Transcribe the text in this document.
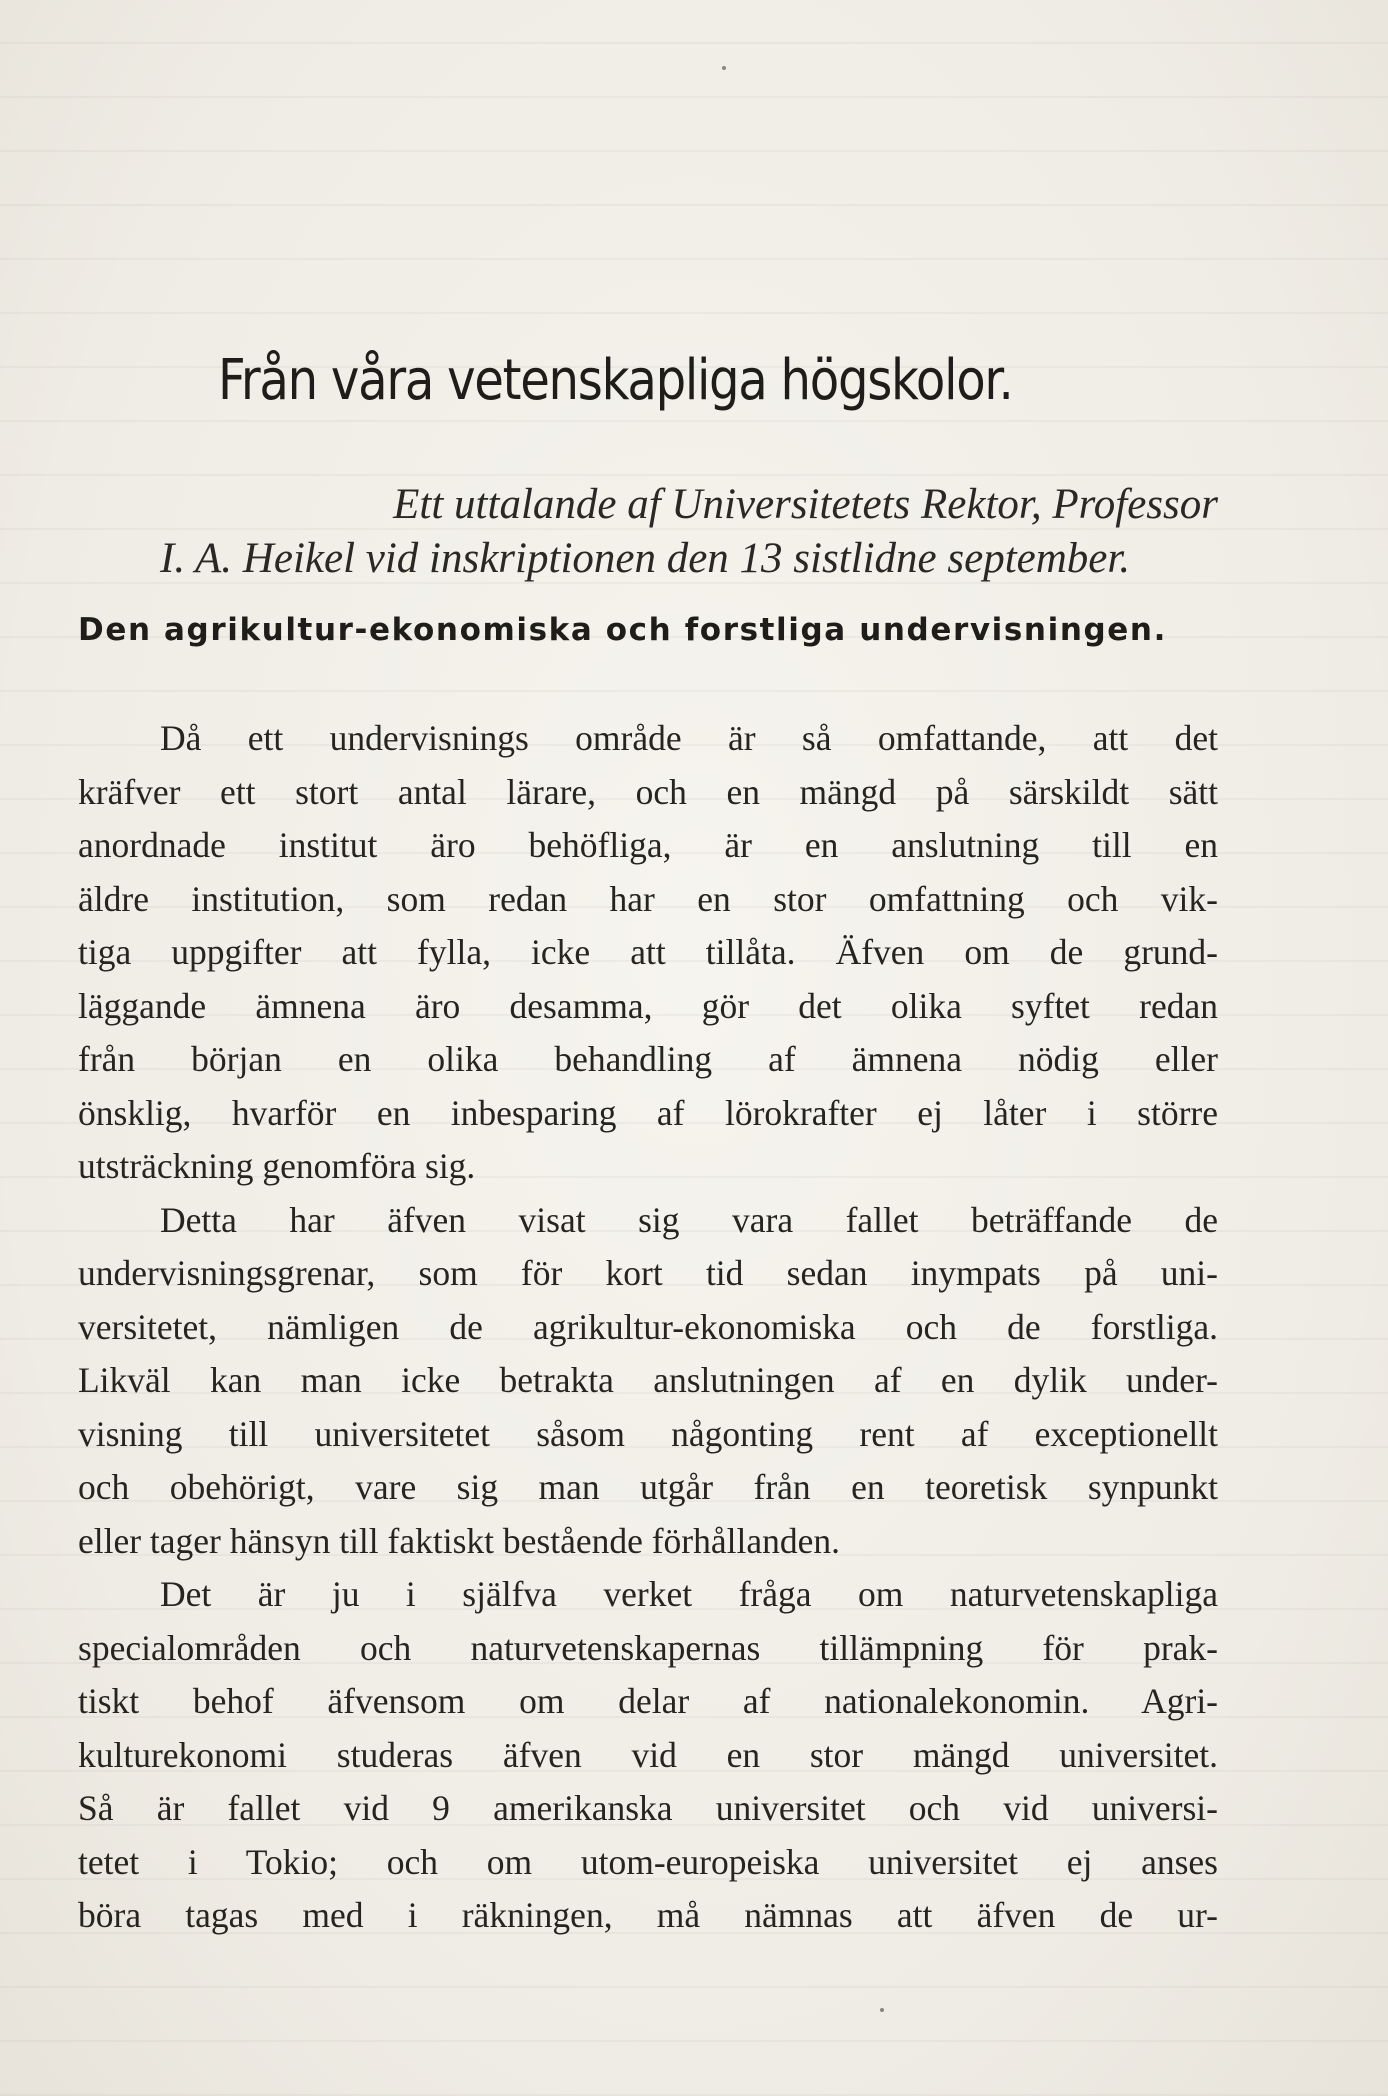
Från våra vetenskapliga högskolor.
Ett uttalande af Universitetets Rektor, Professor
I. A. Heikel vid inskriptionen den 13 sistlidne september.
Den agrikultur-ekonomiska och forstliga undervisningen.
Då ett undervisnings område är så omfattande, att det
kräfver ett stort antal lärare, och en mängd på särskildt sätt
anordnade institut äro behöfliga, är en anslutning till en
äldre institution, som redan har en stor omfattning och vik-
tiga uppgifter att fylla, icke att tillåta. Äfven om de grund-
läggande ämnena äro desamma, gör det olika syftet redan
från början en olika behandling af ämnena nödig eller
önsklig, hvarför en inbesparing af lörokrafter ej låter i större
utsträckning genomföra sig.
Detta har äfven visat sig vara fallet beträffande de
undervisningsgrenar, som för kort tid sedan inympats på uni-
versitetet, nämligen de agrikultur-ekonomiska och de forstliga.
Likväl kan man icke betrakta anslutningen af en dylik under-
visning till universitetet såsom någonting rent af exceptionellt
och obehörigt, vare sig man utgår från en teoretisk synpunkt
eller tager hänsyn till faktiskt bestående förhållanden.
Det är ju i själfva verket fråga om naturvetenskapliga
specialområden och naturvetenskapernas tillämpning för prak-
tiskt behof äfvensom om delar af nationalekonomin. Agri-
kulturekonomi studeras äfven vid en stor mängd universitet.
Så är fallet vid 9 amerikanska universitet och vid universi-
tetet i Tokio; och om utom-europeiska universitet ej anses
böra tagas med i räkningen, må nämnas att äfven de ur-
